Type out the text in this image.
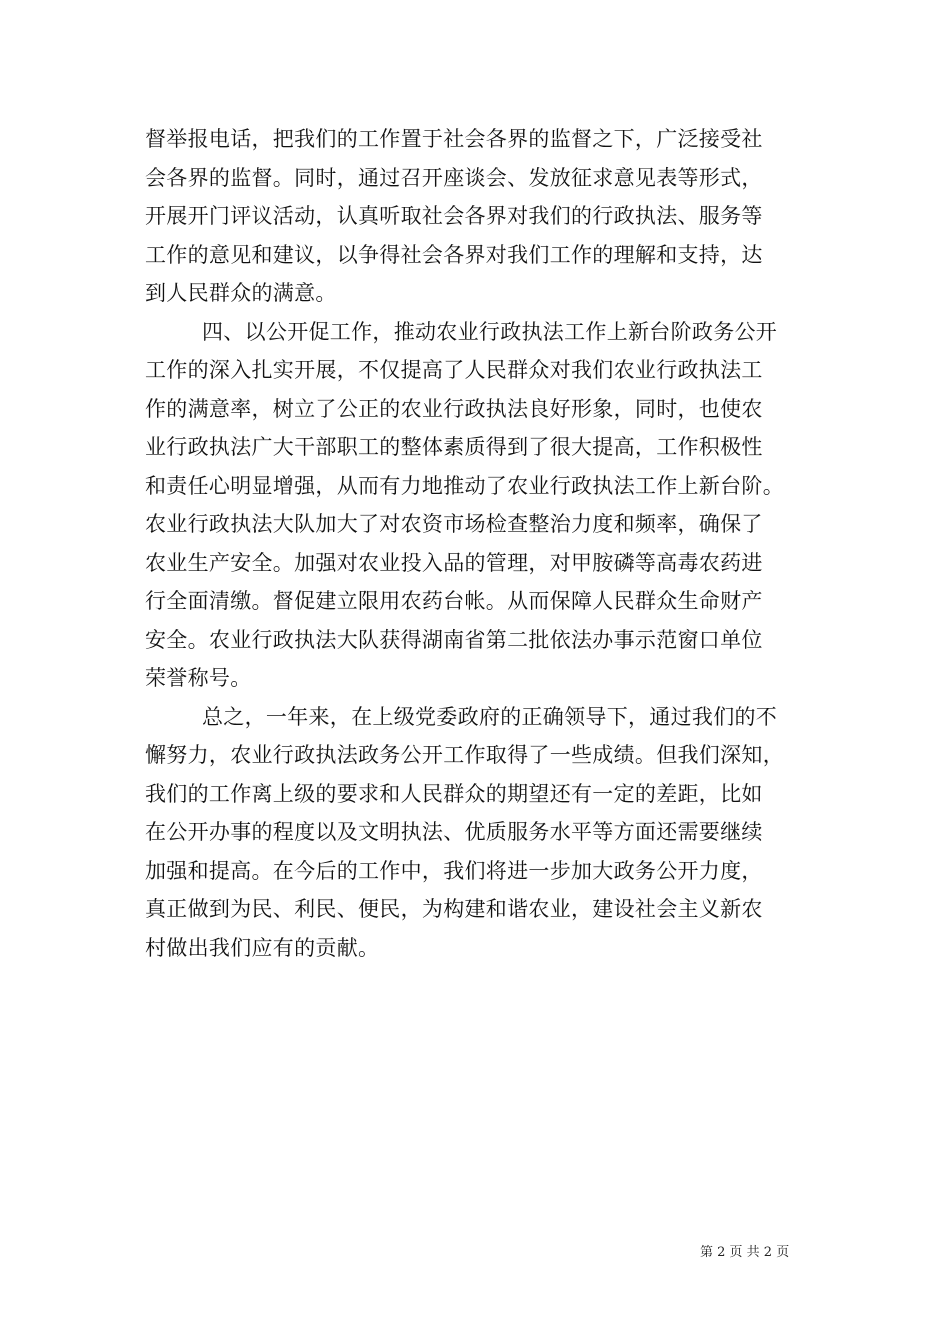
督举报电话，把我们的工作置于社会各界的监督之下，广泛接受社
会各界的监督。同时，通过召开座谈会、发放征求意见表等形式，
开展开门评议活动，认真听取社会各界对我们的行政执法、服务等
工作的意见和建议，以争得社会各界对我们工作的理解和支持，达
到人民群众的满意。
四、以公开促工作，推动农业行政执法工作上新台阶政务公开
工作的深入扎实开展，不仅提高了人民群众对我们农业行政执法工
作的满意率，树立了公正的农业行政执法良好形象，同时，也使农
业行政执法广大干部职工的整体素质得到了很大提高，工作积极性
和责任心明显增强，从而有力地推动了农业行政执法工作上新台阶。
农业行政执法大队加大了对农资市场检查整治力度和频率，确保了
农业生产安全。加强对农业投入品的管理，对甲胺磷等高毒农药进
行全面清缴。督促建立限用农药台帐。从而保障人民群众生命财产
安全。农业行政执法大队获得湖南省第二批依法办事示范窗口单位
荣誉称号。
总之，一年来，在上级党委政府的正确领导下，通过我们的不
懈努力，农业行政执法政务公开工作取得了一些成绩。但我们深知，
我们的工作离上级的要求和人民群众的期望还有一定的差距，比如
在公开办事的程度以及文明执法、优质服务水平等方面还需要继续
加强和提高。在今后的工作中，我们将进一步加大政务公开力度，
真正做到为民、利民、便民，为构建和谐农业，建设社会主义新农
村做出我们应有的贡献。
第 2 页 共 2 页
